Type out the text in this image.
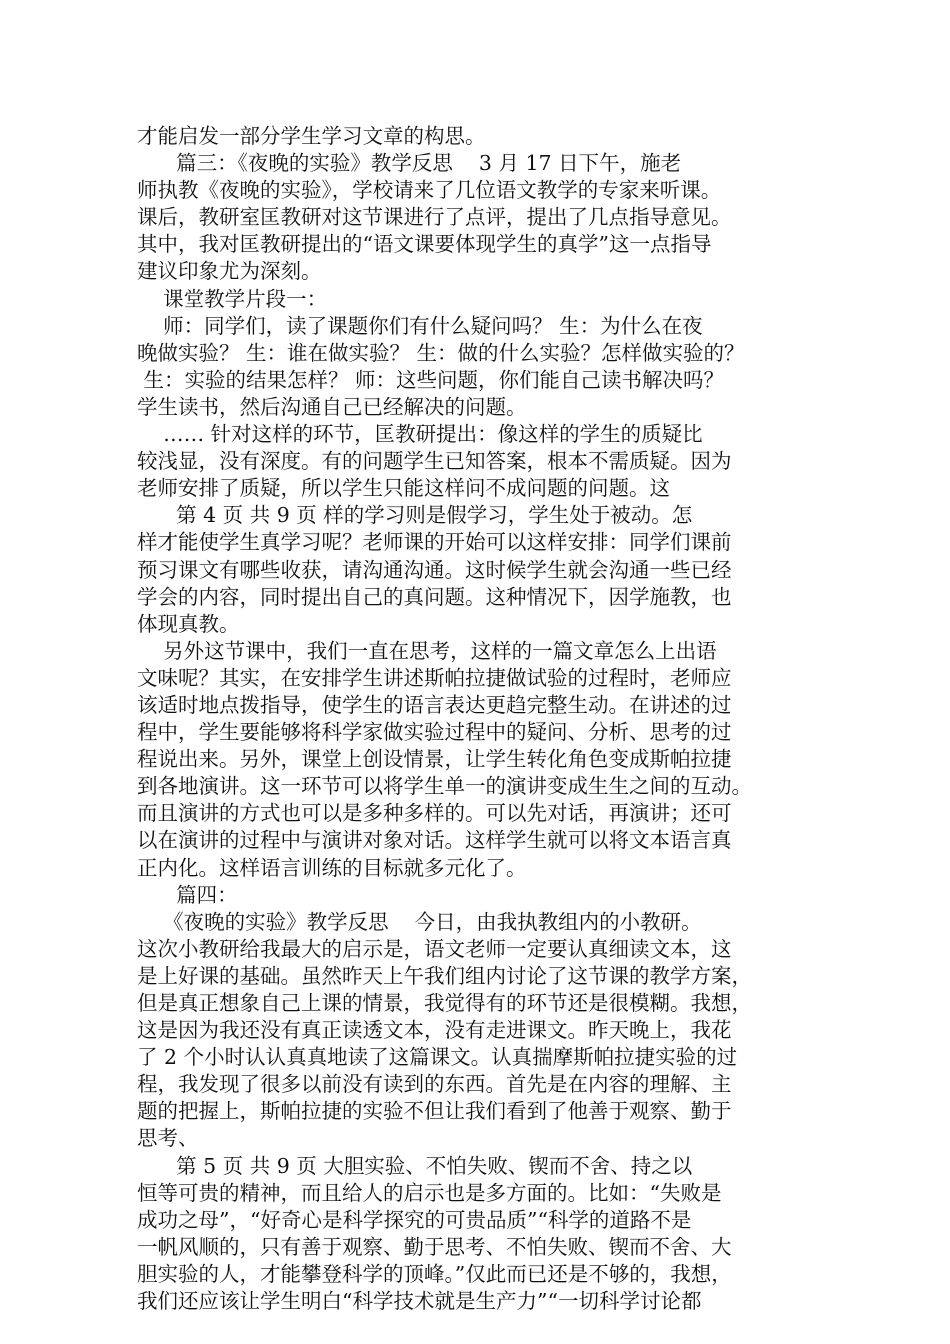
才能启发一部分学生学习文章的构思。
篇三：《夜晚的实验》教学反思    3 月 17 日下午，施老
师执教《夜晚的实验》，学校请来了几位语文教学的专家来听课。
课后，教研室匡教研对这节课进行了点评，提出了几点指导意见。
其中，我对匡教研提出的“语文课要体现学生的真学”这一点指导
建议印象尤为深刻。
课堂教学片段一：
师：同学们，读了课题你们有什么疑问吗？ 生：为什么在夜
晚做实验？ 生：谁在做实验？ 生：做的什么实验？怎样做实验的？
生：实验的结果怎样？ 师：这些问题，你们能自己读书解决吗？
学生读书，然后沟通自己已经解决的问题。
…… 针对这样的环节，匡教研提出：像这样的学生的质疑比
较浅显，没有深度。有的问题学生已知答案，根本不需质疑。因为
老师安排了质疑，所以学生只能这样问不成问题的问题。这
第 4 页 共 9 页 样的学习则是假学习，学生处于被动。怎
样才能使学生真学习呢？老师课的开始可以这样安排：同学们课前
预习课文有哪些收获，请沟通沟通。这时候学生就会沟通一些已经
学会的内容，同时提出自己的真问题。这种情况下，因学施教，也
体现真教。
另外这节课中，我们一直在思考，这样的一篇文章怎么上出语
文味呢？其实，在安排学生讲述斯帕拉捷做试验的过程时，老师应
该适时地点拨指导，使学生的语言表达更趋完整生动。在讲述的过
程中，学生要能够将科学家做实验过程中的疑问、分析、思考的过
程说出来。另外，课堂上创设情景，让学生转化角色变成斯帕拉捷
到各地演讲。这一环节可以将学生单一的演讲变成生生之间的互动。
而且演讲的方式也可以是多种多样的。可以先对话，再演讲；还可
以在演讲的过程中与演讲对象对话。这样学生就可以将文本语言真
正内化。这样语言训练的目标就多元化了。
篇四：
《夜晚的实验》教学反思    今日，由我执教组内的小教研。
这次小教研给我最大的启示是，语文老师一定要认真细读文本，这
是上好课的基础。虽然昨天上午我们组内讨论了这节课的教学方案，
但是真正想象自己上课的情景，我觉得有的环节还是很模糊。我想，
这是因为我还没有真正读透文本，没有走进课文。昨天晚上，我花
了 2 个小时认认真真地读了这篇课文。认真揣摩斯帕拉捷实验的过
程，我发现了很多以前没有读到的东西。首先是在内容的理解、主
题的把握上，斯帕拉捷的实验不但让我们看到了他善于观察、勤于
思考、
第 5 页 共 9 页 大胆实验、不怕失败、锲而不舍、持之以
恒等可贵的精神，而且给人的启示也是多方面的。比如：“失败是
成功之母”，“好奇心是科学探究的可贵品质”“科学的道路不是
一帆风顺的，只有善于观察、勤于思考、不怕失败、锲而不舍、大
胆实验的人，才能攀登科学的顶峰。”仅此而已还是不够的，我想，
我们还应该让学生明白“科学技术就是生产力”“一切科学讨论都
